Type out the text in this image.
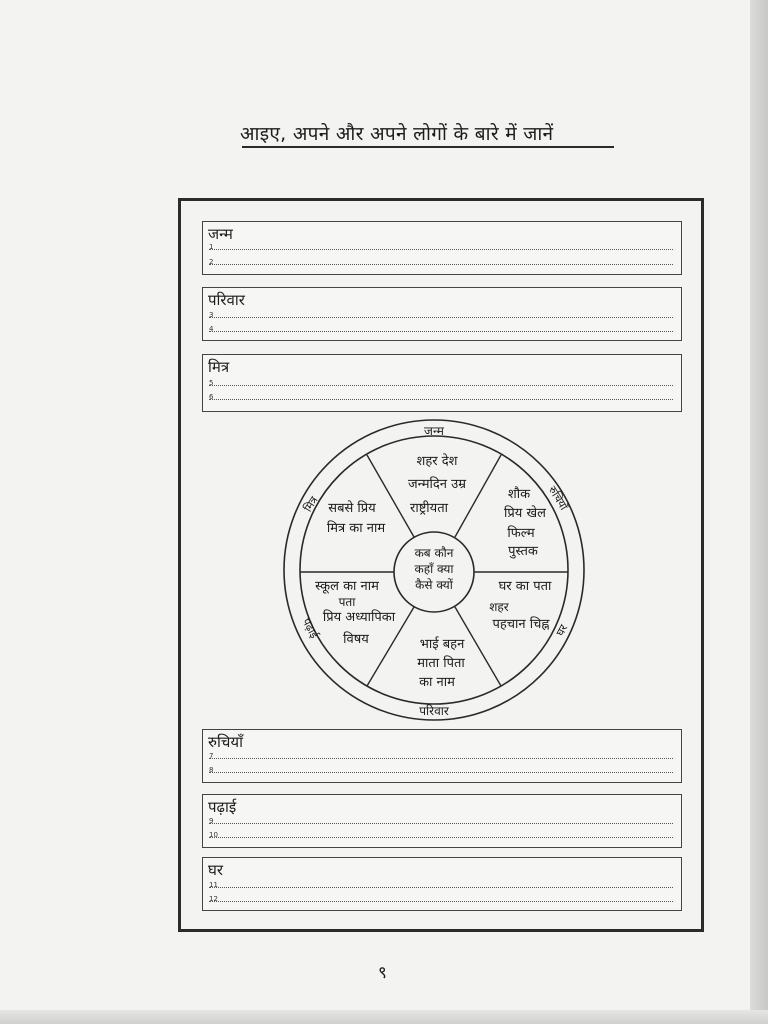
आइए, अपने और अपने लोगों के बारे में जानें
जन्म
1
2
परिवार
3
4
मित्र
5
6
रुचियाँ
7
8
पढ़ाई
9
10
घर
11
12
जन्म
परिवार
मित्र
पढ़ाई
रुचियाँ
घर
कब कौन
कहाँ क्या
कैसे क्यों
शहर देश
जन्मदिन उम्र
राष्ट्रीयता
शौक
प्रिय खेल
फिल्म
पुस्तक
घर का पता
शहर
पहचान चिह्न
भाई बहन
माता पिता
का नाम
स्कूल का नाम
पता
प्रिय अध्यापिका
विषय
सबसे प्रिय
मित्र का नाम
९
